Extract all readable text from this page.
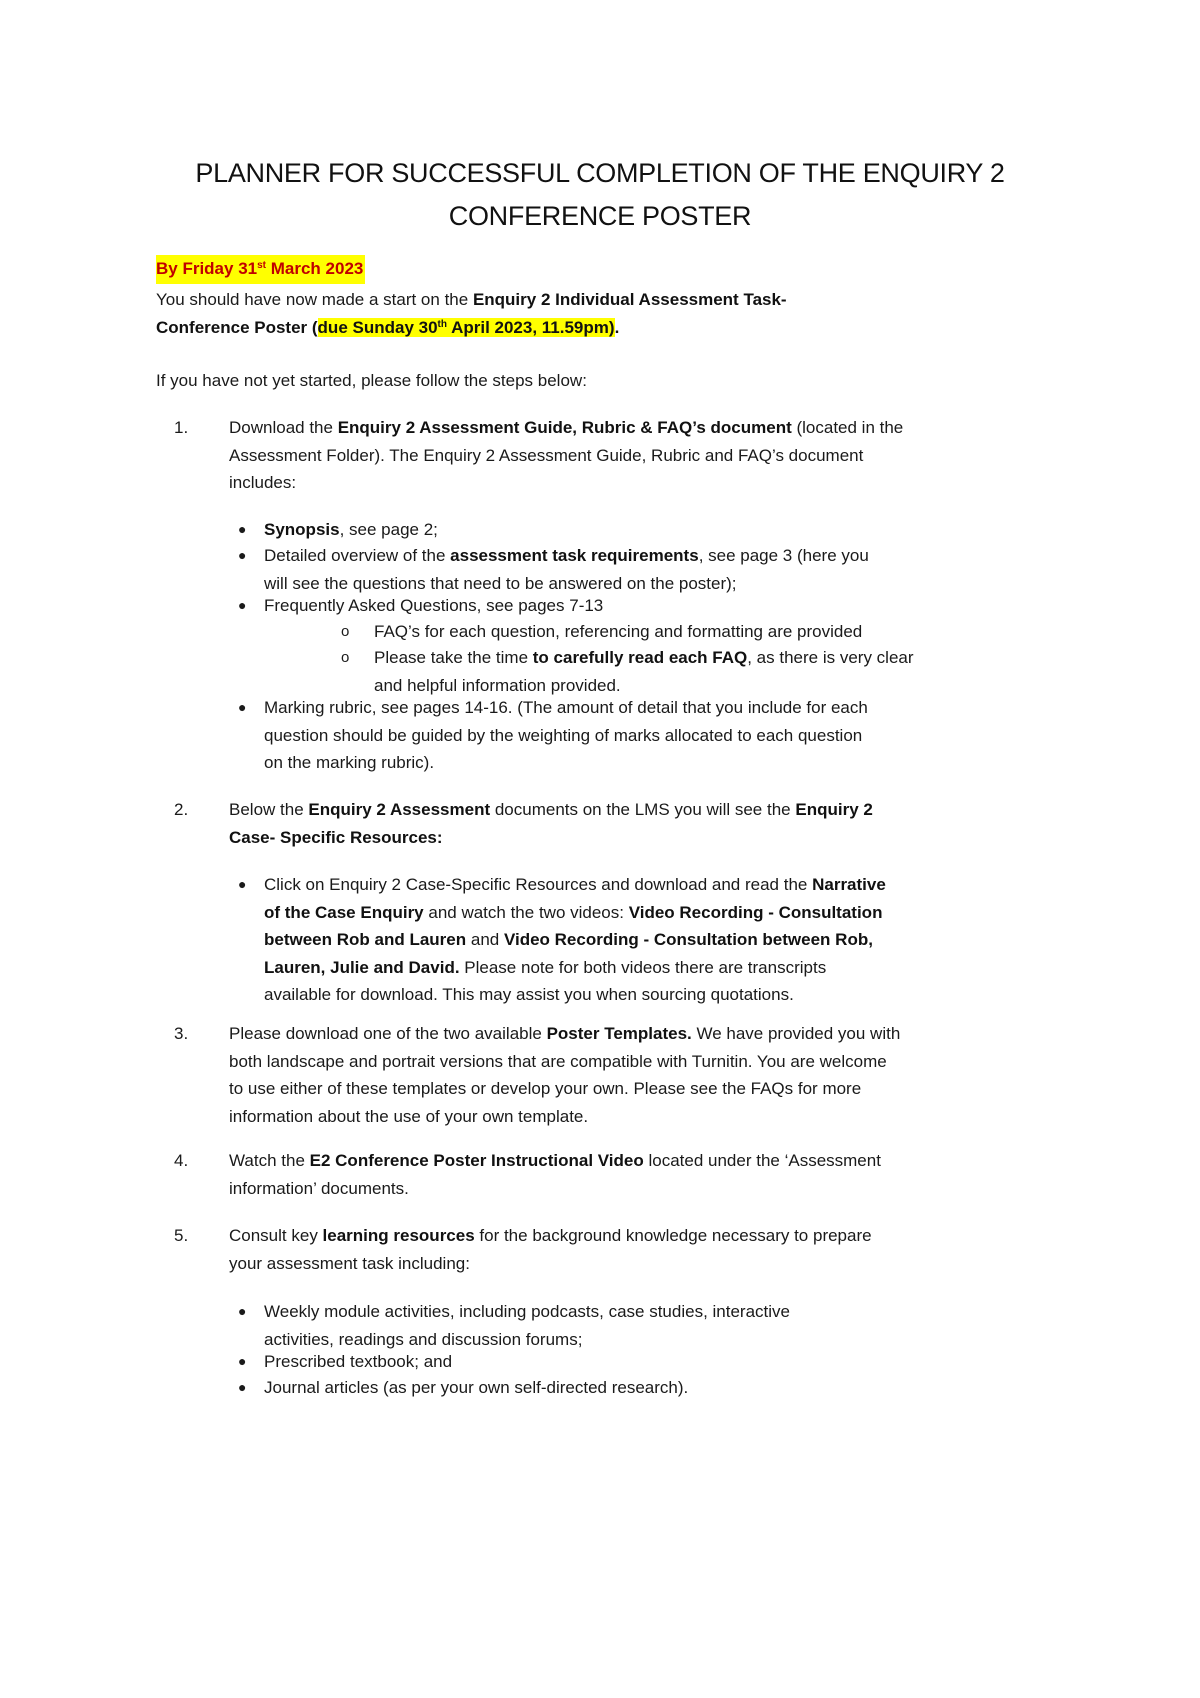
PLANNER FOR SUCCESSFUL COMPLETION OF THE ENQUIRY 2
CONFERENCE POSTER
By Friday 31st March 2023
You should have now made a start on the Enquiry 2 Individual Assessment Task-
Conference Poster (due Sunday 30th April 2023, 11.59pm).
If you have not yet started, please follow the steps below:
1. Download the Enquiry 2 Assessment Guide, Rubric & FAQ’s document (located in the
Assessment Folder). The Enquiry 2 Assessment Guide, Rubric and FAQ’s document
includes:
● Synopsis, see page 2;
● Detailed overview of the assessment task requirements, see page 3 (here you
will see the questions that need to be answered on the poster);
● Frequently Asked Questions, see pages 7-13
o FAQ’s for each question, referencing and formatting are provided
o Please take the time to carefully read each FAQ, as there is very clear
and helpful information provided.
● Marking rubric, see pages 14-16. (The amount of detail that you include for each
question should be guided by the weighting of marks allocated to each question
on the marking rubric).
2. Below the Enquiry 2 Assessment documents on the LMS you will see the Enquiry 2
Case- Specific Resources:
● Click on Enquiry 2 Case-Specific Resources and download and read the Narrative
of the Case Enquiry and watch the two videos: Video Recording - Consultation
between Rob and Lauren and Video Recording - Consultation between Rob,
Lauren, Julie and David. Please note for both videos there are transcripts
available for download. This may assist you when sourcing quotations.
3. Please download one of the two available Poster Templates. We have provided you with
both landscape and portrait versions that are compatible with Turnitin. You are welcome
to use either of these templates or develop your own. Please see the FAQs for more
information about the use of your own template.
4. Watch the E2 Conference Poster Instructional Video located under the ‘Assessment
information’ documents.
5. Consult key learning resources for the background knowledge necessary to prepare
your assessment task including:
● Weekly module activities, including podcasts, case studies, interactive
activities, readings and discussion forums;
● Prescribed textbook; and
● Journal articles (as per your own self-directed research).
